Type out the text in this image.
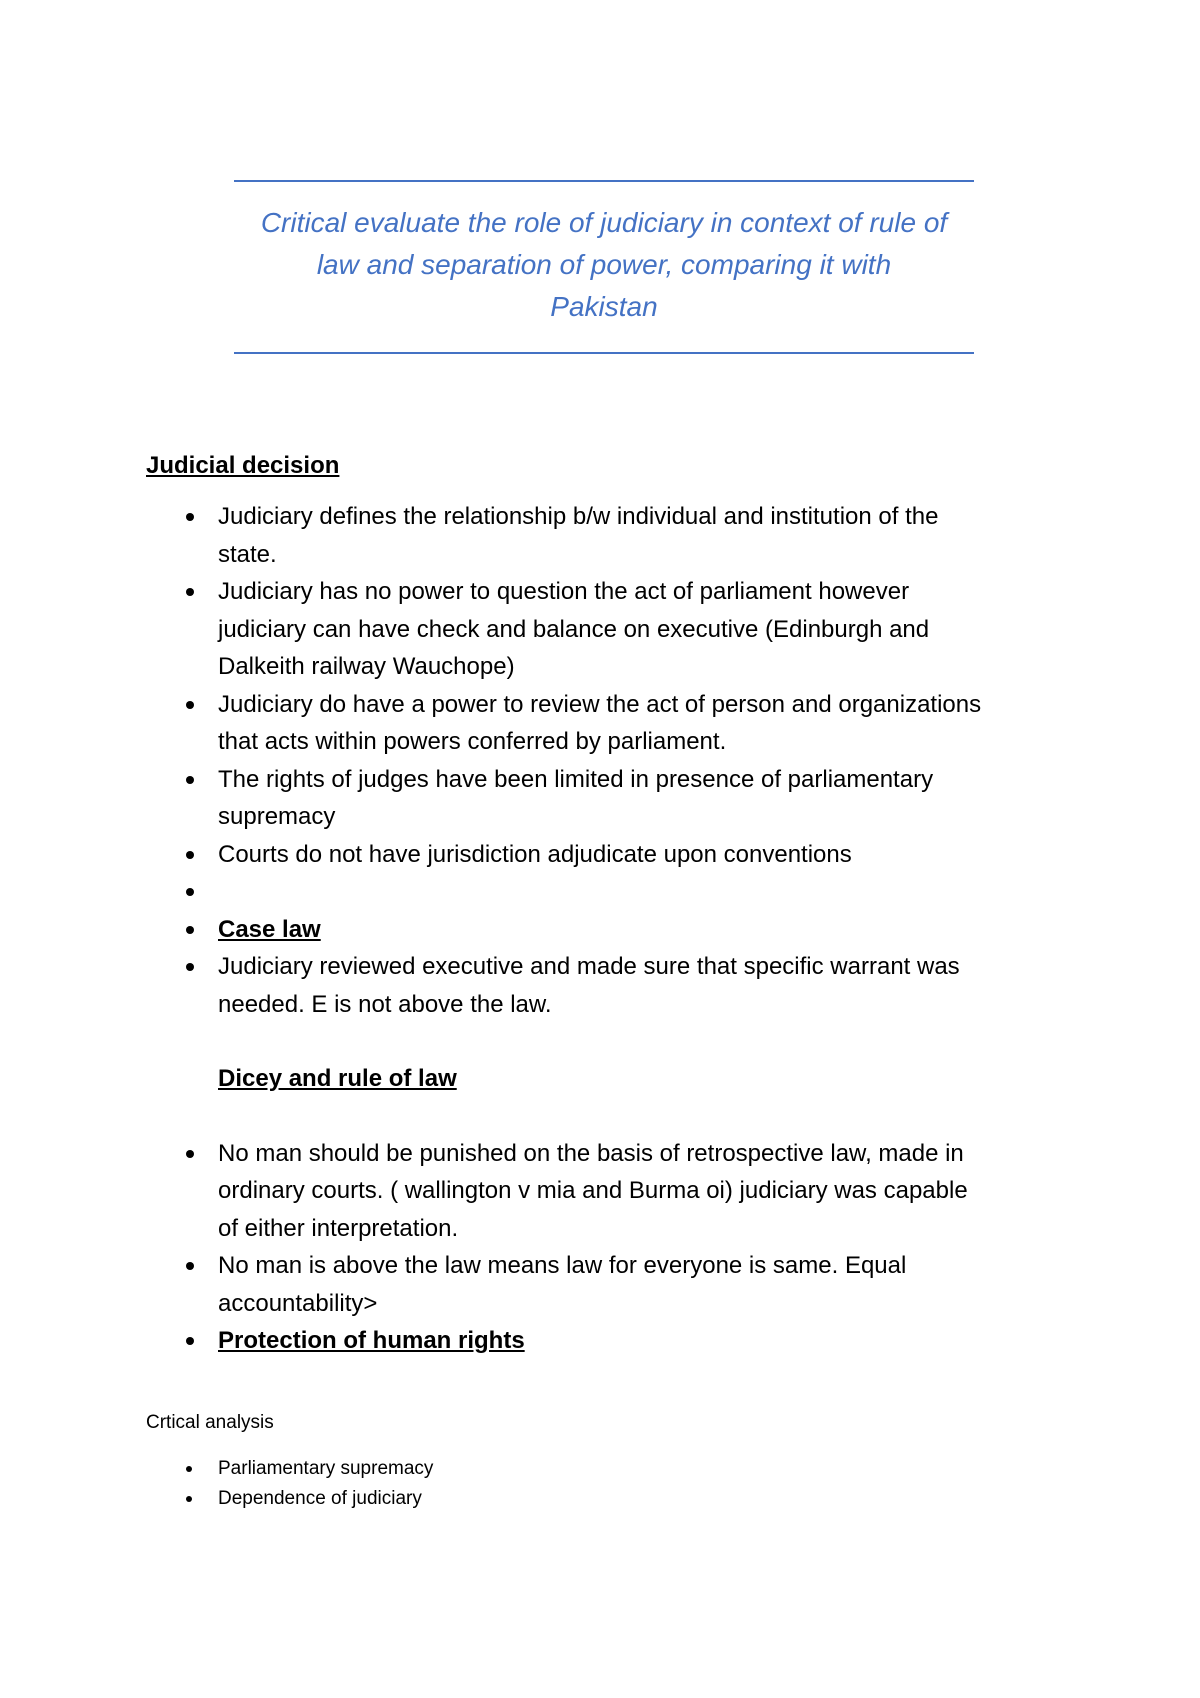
Critical evaluate the role of judiciary in context of rule of
law and separation of power, comparing it with
Pakistan
Judicial decision
Judiciary defines the relationship b/w individual and institution of the
state.
Judiciary has no power to question the act of parliament however
judiciary can have check and balance on executive (Edinburgh and
Dalkeith railway Wauchope)
Judiciary do have a power to review the act of person and organizations
that acts within powers conferred by parliament.
The rights of judges have been limited in presence of parliamentary
supremacy
Courts do not have jurisdiction adjudicate upon conventions

Case law
Judiciary reviewed executive and made sure that specific warrant was
needed. E is not above the law.
Dicey and rule of law
No man should be punished on the basis of retrospective law, made in
ordinary courts. ( wallington v mia and Burma oi) judiciary was capable
of either interpretation.
No man is above the law means law for everyone is same. Equal
accountability>
Protection of human rights
Crtical analysis
Parliamentary supremacy
Dependence of judiciary
